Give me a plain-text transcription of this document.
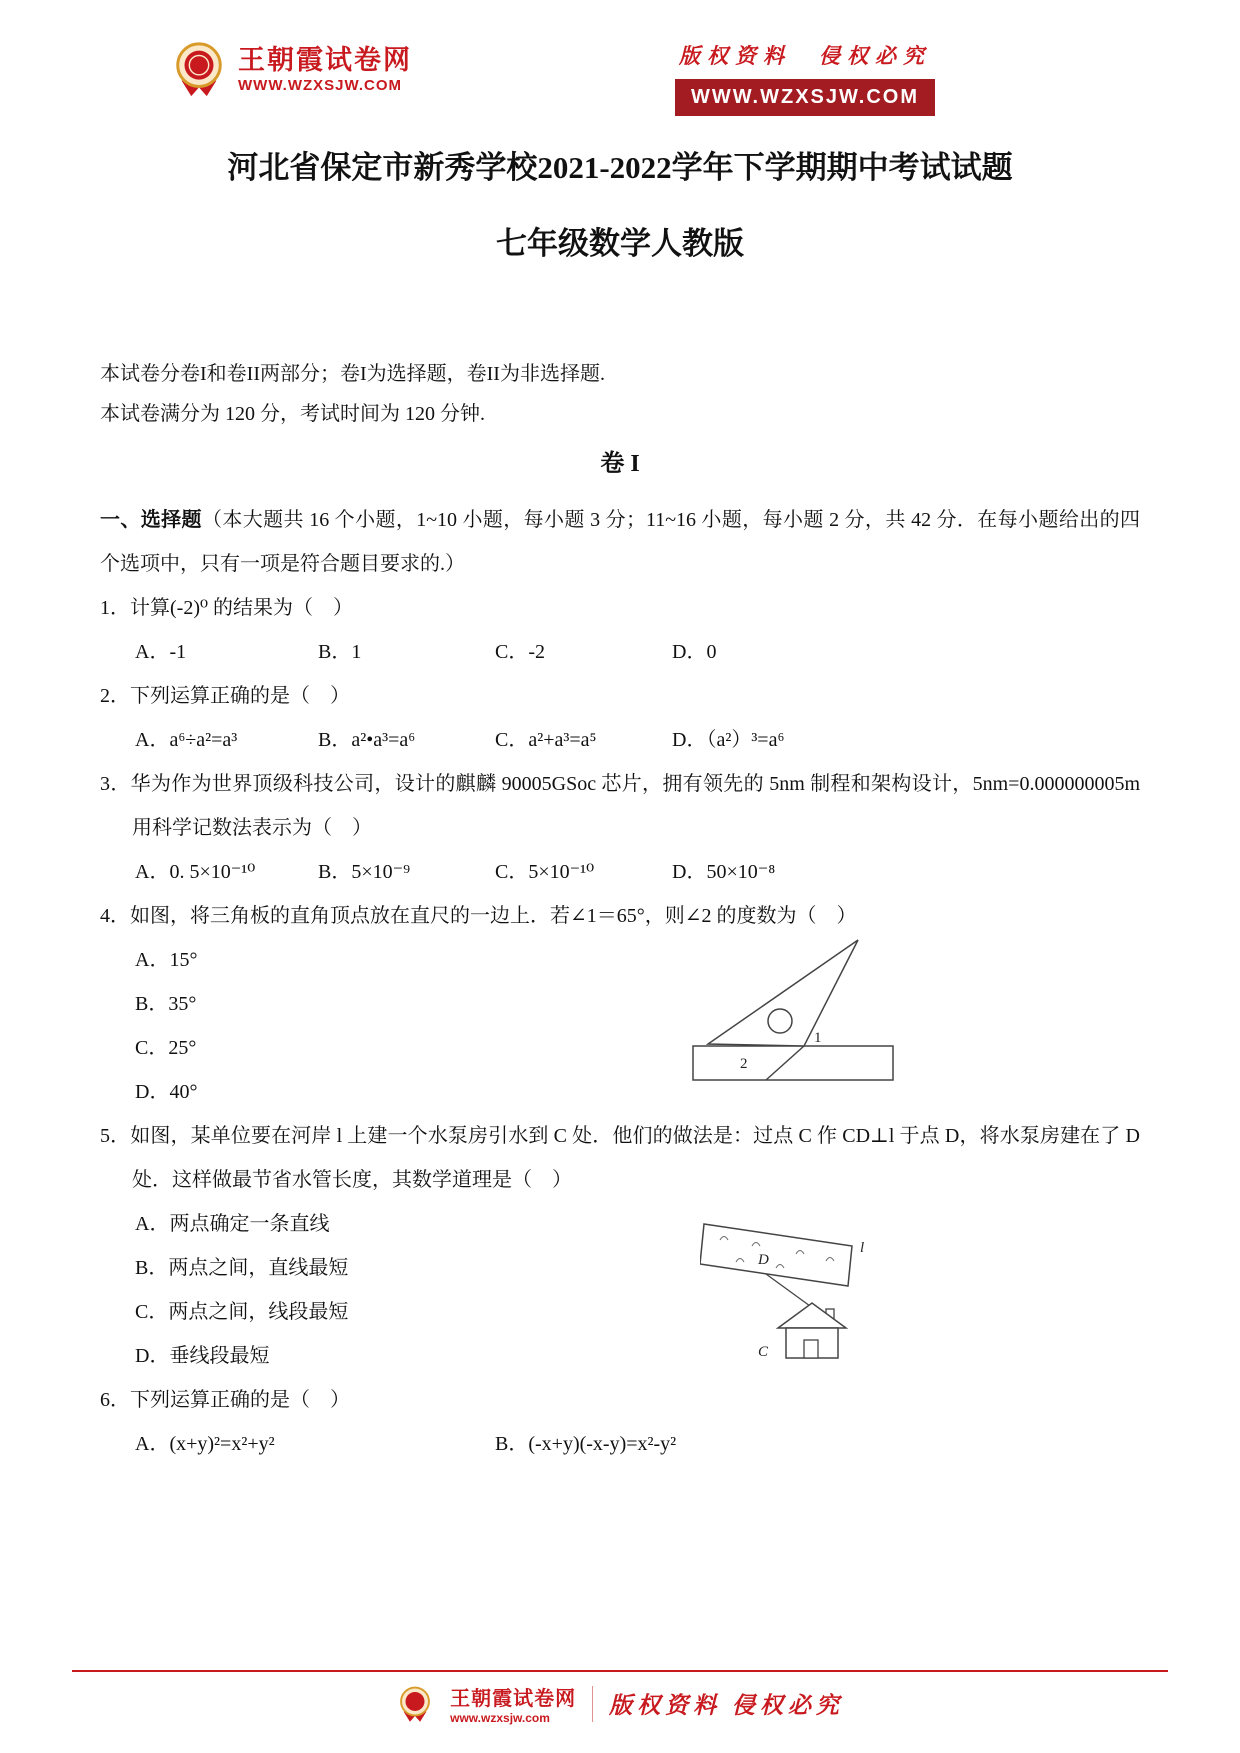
王朝霞试卷网
WWW.WZXSJW.COM
版权资料　侵权必究
WWW.WZXSJW.COM
河北省保定市新秀学校2021-2022学年下学期期中考试试题
七年级数学人教版
本试卷分卷I和卷II两部分；卷I为选择题，卷II为非选择题.
本试卷满分为 120 分，考试时间为 120 分钟.
卷 I

一、选择题（本大题共 16 个小题，1~10 小题，每小题 3 分；11~16 小题，每小题 2 分，共 42 分．在每小题给出的四个选项中，只有一项是符合题目要求的.）

1．计算(-2)⁰ 的结果为（　）

A．-1	B．1	C．-2	D．0

2．下列运算正确的是（　）

A．a⁶÷a²=a³	B．a²•a³=a⁶	C．a²+a³=a⁵	D．（a²）³=a⁶

3．华为作为世界顶级科技公司，设计的麒麟 90005GSoc 芯片，拥有领先的 5nm 制程和架构设计，5nm=0.000000005m 用科学记数法表示为（　）

A．0. 5×10⁻¹⁰	B．5×10⁻⁹	C．5×10⁻¹⁰	D．50×10⁻⁸

4．如图，将三角板的直角顶点放在直尺的一边上．若∠1＝65°，则∠2 的度数为（　）

A．15°
B．35°
C．25°
D．40°
1
2

5．如图，某单位要在河岸 l 上建一个水泵房引水到 C 处．他们的做法是：过点 C 作 CD⊥l 于点 D，将水泵房建在了 D 处．这样做最节省水管长度，其数学道理是（　）

A．两点确定一条直线
B．两点之间，直线最短
C．两点之间，线段最短
D．垂线段最短
l
D
C

6．下列运算正确的是（　）

A．(x+y)²=x²+y²	B．(-x+y)(-x-y)=x²-y²
王朝霞试卷网
www.wzxsjw.com	版权资料 侵权必究
